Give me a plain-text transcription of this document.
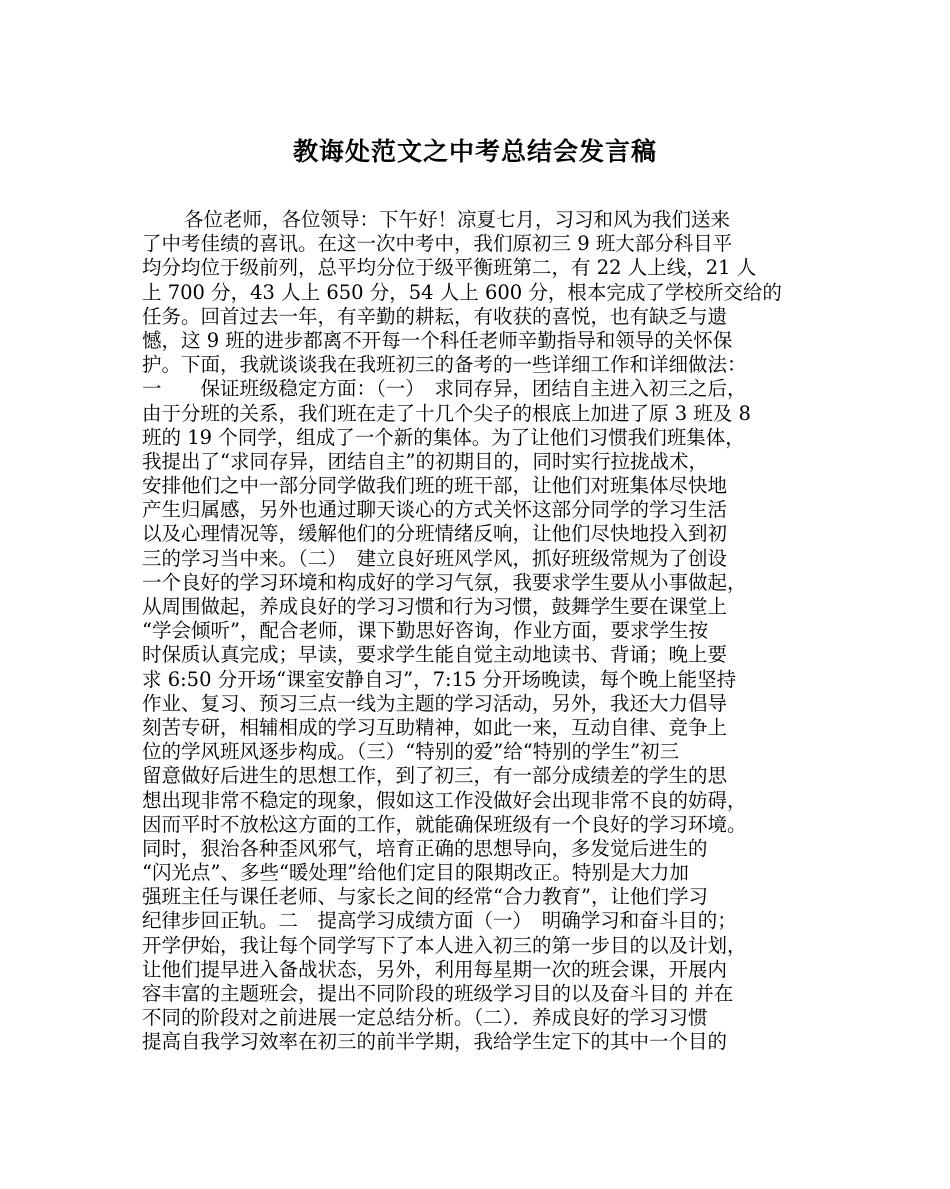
教诲处范文之中考总结会发言稿
各位老师，各位领导：下午好！凉夏七月，习习和风为我们送来
了中考佳绩的喜讯。在这一次中考中，我们原初三 9 班大部分科目平
均分均位于级前列，总平均分位于级平衡班第二，有 22 人上线，21 人
上 700 分，43 人上 650 分，54 人上 600 分，根本完成了学校所交给的
任务。回首过去一年，有辛勤的耕耘，有收获的喜悦，也有缺乏与遗
憾，这 9 班的进步都离不开每一个科任老师辛勤指导和领导的关怀保
护。下面，我就谈谈我在我班初三的备考的一些详细工作和详细做法：
一　　保证班级稳定方面：（一）　求同存异，团结自主进入初三之后，
由于分班的关系，我们班在走了十几个尖子的根底上加进了原 3 班及 8
班的 19 个同学，组成了一个新的集体。为了让他们习惯我们班集体，
我提出了“求同存异，团结自主”的初期目的，同时实行拉拢战术，
安排他们之中一部分同学做我们班的班干部，让他们对班集体尽快地
产生归属感，另外也通过聊天谈心的方式关怀这部分同学的学习生活
以及心理情况等，缓解他们的分班情绪反响，让他们尽快地投入到初
三的学习当中来。（二）　建立良好班风学风，抓好班级常规为了创设
一个良好的学习环境和构成好的学习气氛，我要求学生要从小事做起，
从周围做起，养成良好的学习习惯和行为习惯，鼓舞学生要在课堂上
“学会倾听”，配合老师，课下勤思好咨询，作业方面，要求学生按
时保质认真完成；早读，要求学生能自觉主动地读书、背诵；晚上要
求 6:50 分开场“课室安静自习”，7:15 分开场晚读，每个晚上能坚持
作业、复习、预习三点一线为主题的学习活动，另外，我还大力倡导
刻苦专研，相辅相成的学习互助精神，如此一来，互动自律、竞争上
位的学风班风逐步构成。（三）“特别的爱”给“特别的学生”初三
留意做好后进生的思想工作，到了初三，有一部分成绩差的学生的思
想出现非常不稳定的现象，假如这工作没做好会出现非常不良的妨碍，
因而平时不放松这方面的工作，就能确保班级有一个良好的学习环境。
同时，狠治各种歪风邪气，培育正确的思想导向，多发觉后进生的
“闪光点”、多些“暖处理”给他们定目的限期改正。特别是大力加
强班主任与课任老师、与家长之间的经常“合力教育”，让他们学习
纪律步回正轨。二　提高学习成绩方面（一）　明确学习和奋斗目的；
开学伊始，我让每个同学写下了本人进入初三的第一步目的以及计划，
让他们提早进入备战状态，另外，利用每星期一次的班会课，开展内
容丰富的主题班会，提出不同阶段的班级学习目的以及奋斗目的 并在
不同的阶段对之前进展一定总结分析。（二）．养成良好的学习习惯
提高自我学习效率在初三的前半学期，我给学生定下的其中一个目的
